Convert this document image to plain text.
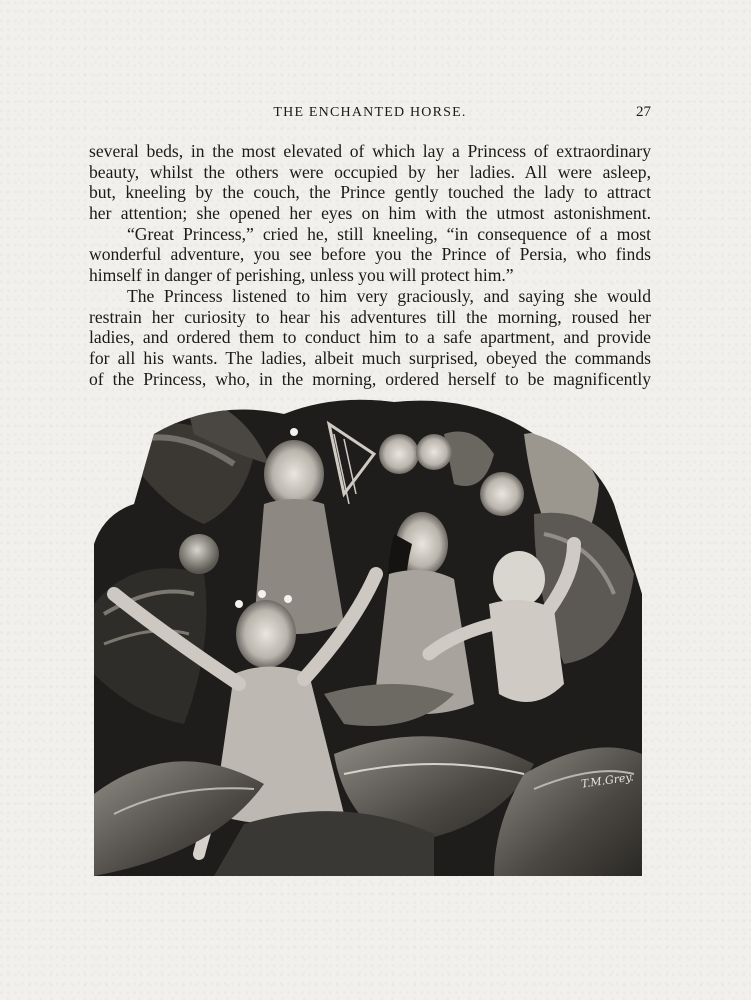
THE ENCHANTED HORSE.	27
several beds, in the most elevated of which lay a Princess of extraordinary
beauty, whilst the others were occupied by her ladies. All were asleep,
but, kneeling by the couch, the Prince gently touched the lady to attract
her attention; she opened her eyes on him with the utmost astonishment.
“Great Princess,” cried he, still kneeling, “in consequence of a most
wonderful adventure, you see before you the Prince of Persia, who finds
himself in danger of perishing, unless you will protect him.”
The Princess listened to him very graciously, and saying she would
restrain her curiosity to hear his adventures till the morning, roused her
ladies, and ordered them to conduct him to a safe apartment, and provide
for all his wants. The ladies, albeit much surprised, obeyed the commands
of the Princess, who, in the morning, ordered herself to be magnificently
T.M.Grey.
